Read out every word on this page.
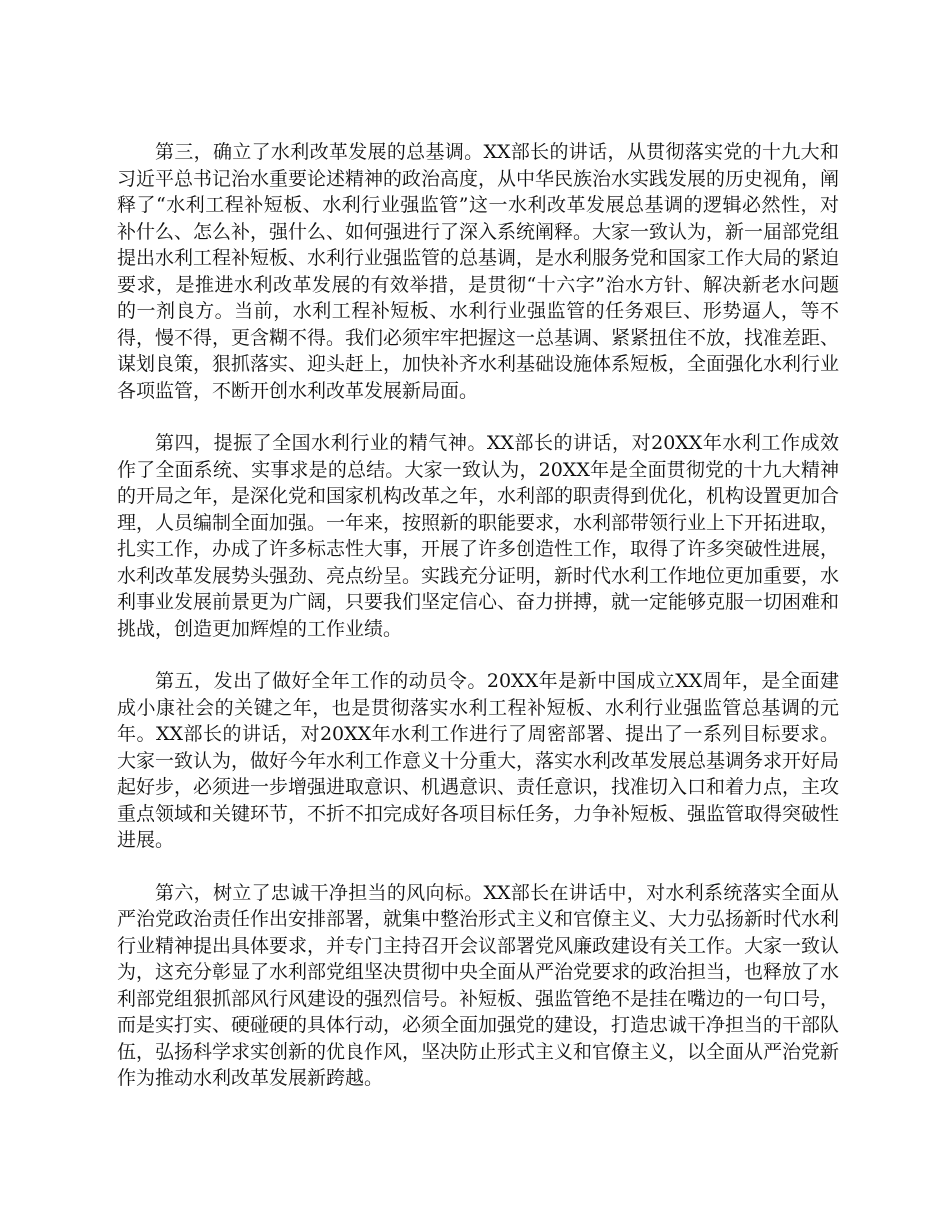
第三，确立了水利改革发展的总基调。XX部长的讲话，从贯彻落实党的十九大和习近平总书记治水重要论述精神的政治高度，从中华民族治水实践发展的历史视角，阐释了“水利工程补短板、水利行业强监管”这一水利改革发展总基调的逻辑必然性，对补什么、怎么补，强什么、如何强进行了深入系统阐释。大家一致认为，新一届部党组提出水利工程补短板、水利行业强监管的总基调，是水利服务党和国家工作大局的紧迫要求，是推进水利改革发展的有效举措，是贯彻“十六字”治水方针、解决新老水问题的一剂良方。当前，水利工程补短板、水利行业强监管的任务艰巨、形势逼人，等不得，慢不得，更含糊不得。我们必须牢牢把握这一总基调、紧紧扭住不放，找准差距、谋划良策，狠抓落实、迎头赶上，加快补齐水利基础设施体系短板，全面强化水利行业各项监管，不断开创水利改革发展新局面。

第四，提振了全国水利行业的精气神。XX部长的讲话，对20XX年水利工作成效作了全面系统、实事求是的总结。大家一致认为，20XX年是全面贯彻党的十九大精神的开局之年，是深化党和国家机构改革之年，水利部的职责得到优化，机构设置更加合理，人员编制全面加强。一年来，按照新的职能要求，水利部带领行业上下开拓进取，扎实工作，办成了许多标志性大事，开展了许多创造性工作，取得了许多突破性进展，水利改革发展势头强劲、亮点纷呈。实践充分证明，新时代水利工作地位更加重要，水利事业发展前景更为广阔，只要我们坚定信心、奋力拼搏，就一定能够克服一切困难和挑战，创造更加辉煌的工作业绩。

第五，发出了做好全年工作的动员令。20XX年是新中国成立XX周年，是全面建成小康社会的关键之年，也是贯彻落实水利工程补短板、水利行业强监管总基调的元年。XX部长的讲话，对20XX年水利工作进行了周密部署、提出了一系列目标要求。大家一致认为，做好今年水利工作意义十分重大，落实水利改革发展总基调务求开好局起好步，必须进一步增强进取意识、机遇意识、责任意识，找准切入口和着力点，主攻重点领域和关键环节，不折不扣完成好各项目标任务，力争补短板、强监管取得突破性进展。

第六，树立了忠诚干净担当的风向标。XX部长在讲话中，对水利系统落实全面从严治党政治责任作出安排部署，就集中整治形式主义和官僚主义、大力弘扬新时代水利行业精神提出具体要求，并专门主持召开会议部署党风廉政建设有关工作。大家一致认为，这充分彰显了水利部党组坚决贯彻中央全面从严治党要求的政治担当，也释放了水利部党组狠抓部风行风建设的强烈信号。补短板、强监管绝不是挂在嘴边的一句口号，而是实打实、硬碰硬的具体行动，必须全面加强党的建设，打造忠诚干净担当的干部队伍，弘扬科学求实创新的优良作风，坚决防止形式主义和官僚主义，以全面从严治党新作为推动水利改革发展新跨越。
